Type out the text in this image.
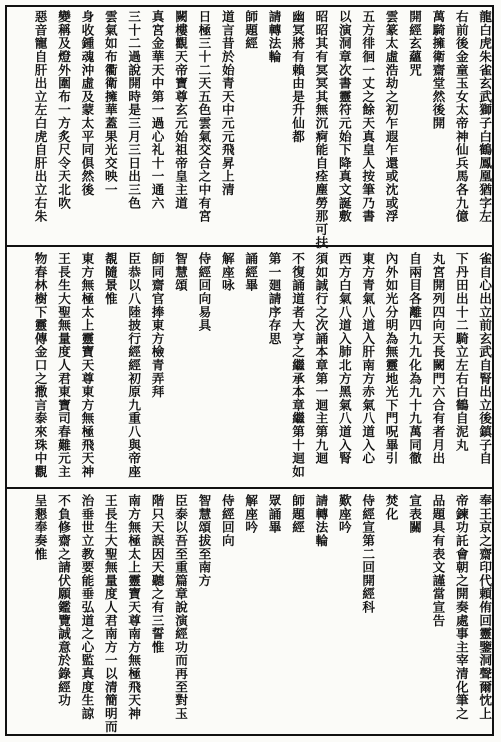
龍白虎朱雀玄武獅子白鶴鳳凰猶字左
右前後金童玉女太帝神仙兵馬各九億
萬騎擁衛齋堂然後開
開經玄蘊咒
雲篆太虛浩劫之初乍遐乍還或沈或浮
五方徘徊一丈之餘天真皇人按筆乃書
以演洞章次書靈符元始下降真文誕敷
昭昭其有冥冥其無沉痾能自痊塵勞那可扶
幽冥將有賴由是升仙都
請轉法輪
師題經
道言昔於始青天中元元飛昇上清
日極三十二天五色雲氣交合之中有宮
闕樓觀天帝寶尊玄元始祖帝皇主道
真宮金華天中第一過心礼十一通六
三十二過說開時是三月三日出三色
雲氣如布衢衛擁華蓋果光交映一
身收鍾魂沖虛及蒙太平同俱然後
變稱及燈外圍布一方炙尺令天北吹
惡音寵自肝出立左白虎自肝出立右朱
雀自心出立前玄武自腎出立後鎮子自
下丹田出十二騎立左右白鶴自泥丸
丸宮開列四向天長闕門六合有者月出
自兩目各離四九九化為九十九萬同徹
內外如光分明為無靈地光下門呪畢引
東方青氣八道入肝南方赤氣八道入心
西方白氣八道入肺北方黑氣八道入腎
須如誠行之次誦本章第一迴主第九迴
不復誦道者大亨之繼承本章繼第十迴如
第一廻請序存思
誦經畢
解座咏
侍經回向易具
智慧頌
師同齋官捧東方檢青弄拜
臣恭以八陸披行經經初原九重八與帝座
覩隨景惟
東方無極太上靈寶天尊東方無極飛天神
王長生大聖無量度人君東寶司春難元主
物春林樹下靈傳金口之撒言泰來珠中觀
奉王京之齋印代頼侑回靈鑒洞聲爾忱上
帝鍊功託會朝之開奏處事主宰清化筆之
品題具有表文謹當宣告
宣表關
焚化
侍經宣第二回開經科
歎座吟
請轉法輪
師題經
眾誦畢
解座吟
侍經回向
智慧頌拔至南方
臣泰以吾至重篇章說演經功而再至對玉
階只天誤因天聽之有三誓惟
南方無極太上靈寶天尊南方無極飛天神
王長生大聖無量度人君南方一以清簡明而
治垂世立教要能垂弘道之心監真度生諒
不負修齋之請伏願鑑覽誠意於錄經功
呈懇奉奏惟
